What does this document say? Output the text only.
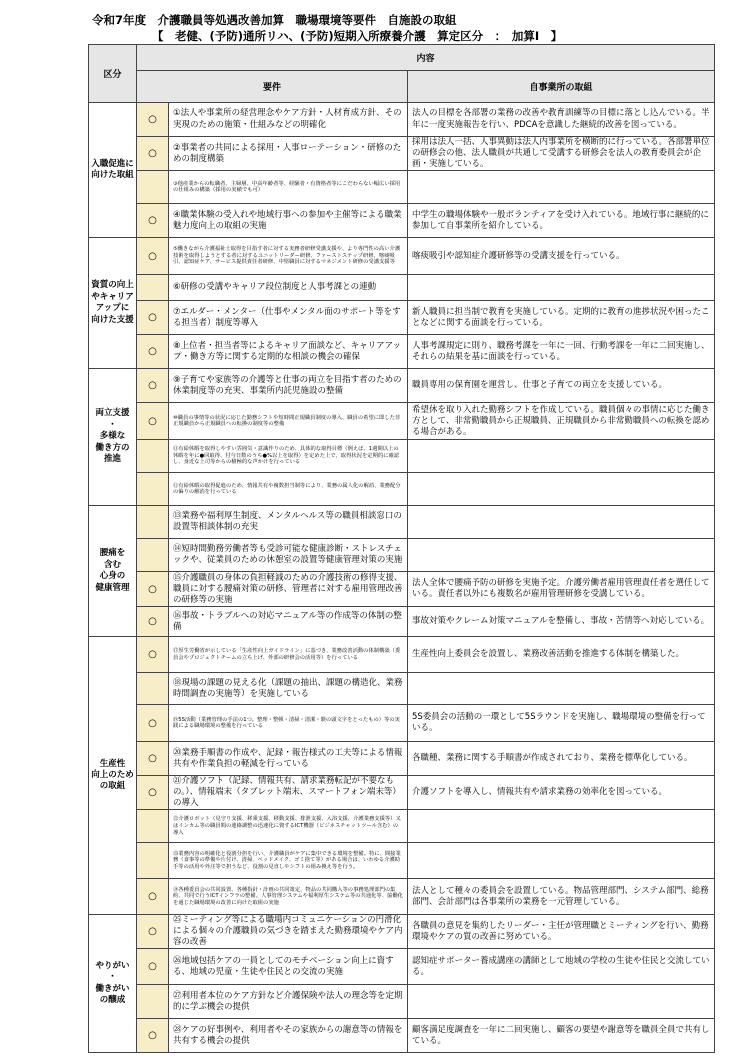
令和7年度　介護職員等処遇改善加算　職場環境等要件　自施設の取組
【　老健、(予防)通所リハ、(予防)短期入所療養介護　算定区分　：　加算Ⅰ　】
区分	内容		
	要件		自事業所の取組

入職促進に
向けた取組	○	①法人や事業所の経営理念やケア方針・人材育成方針、その実現のための施策・仕組みなどの明確化	法人の目標を各部署の業務の改善や教育訓練等の目標に落とし込んでいる。半年に一度実施報告を行い、PDCAを意識した継続的改善を図っている。
	○	②事業者の共同による採用・人事ローテーション・研修のための制度構築	採用は法人一括、人事異動は法人内事業所を横断的に行っている。各部署単位の研修会の他、法人職員が共通して受講する研修会を法人の教育委員会が企画・実施している。
		③他産業からの転職者、主婦層、中高年齢者等、経験者・有資格者等にこだわらない幅広い採用の仕組みの構築（採用の実績でも可）	
	○	④職業体験の受入れや地域行事への参加や主催等による職業魅力度向上の取組の実施	中学生の職場体験や一般ボランティアを受け入れている。地域行事に継続的に参加して自事業所を紹介している。

資質の向上
やキャリア
アップに
向けた支援	○	⑤働きながら介護福祉士取得を目指す者に対する実務者研修受講支援や、より専門性の高い介護技術を取得しようとする者に対するユニットリーダー研修、ファーストステップ研修、喀痰吸引、認知症ケア、サービス提供責任者研修、中堅職員に対するマネジメント研修の受講支援等	喀痰吸引や認知症介護研修等の受講支援を行っている。
		⑥研修の受講やキャリア段位制度と人事考課との連動	
	○	⑦エルダー・メンター（仕事やメンタル面のサポート等をする担当者）制度等導入	新人職員に担当制で教育を実施している。定期的に教育の進捗状況や困ったことなどに関する面談を行っている。
	○	⑧上位者・担当者等によるキャリア面談など、キャリアアップ・働き方等に関する定期的な相談の機会の確保	人事考課規定に則り、職務考課を一年に一回、行動考課を一年に二回実施し、それらの結果を基に面談を行っている。

両立支援
・
多様な
働き方の
推進	○	⑨子育てや家族等の介護等と仕事の両立を目指す者のための休業制度等の充実、事業所内託児施設の整備	職員専用の保育園を運営し、仕事と子育ての両立を支援している。
	○	⑩職員の事情等の状況に応じた勤務シフトや短時間正規職員制度の導入、職員の希望に即した非正規職員から正規職員への転換の制度等の整備	希望休を取り入れた勤務シフトを作成している。職員個々の事情に応じた働き方として、非常勤職員から正規職員、正規職員から非常勤職員への転換を認める場合がある。
		⑪有給休暇を取得しやすい雰囲気・意識作りのため、具体的な取得目標（例えば、1週間以上の休暇を年に●回取得、付与日数のうち●%以上を取得）を定めた上で、取得状況を定期的に確認し、身近な上司等からの積極的な声かけを行っている	
		⑫有給休暇の取得促進のため、情報共有や複数担当制等により、業務の属人化の解消、業務配分の偏りの解消を行っている	

腰痛を
含む
心身の
健康管理		⑬業務や福利厚生制度、メンタルヘルス等の職員相談窓口の設置等相談体制の充実	
		⑭短時間勤務労働者等も受診可能な健康診断・ストレスチェックや、従業員のための休憩室の設置等健康管理対策の実施	
	○	⑮介護職員の身体の負担軽減のための介護技術の修得支援、職員に対する腰痛対策の研修、管理者に対する雇用管理改善の研修等の実施	法人全体で腰痛予防の研修を実施予定。介護労働者雇用管理責任者を選任している。責任者以外にも複数名が雇用管理研修を受講している。
	○	⑯事故・トラブルへの対応マニュアル等の作成等の体制の整備	事故対策やクレーム対策マニュアルを整備し、事故・苦情等へ対応している。

生産性
向上のため
の取組	○	⑰厚生労働省が示している「生産性向上ガイドライン」に基づき、業務改善活動の体制構築（委員会やプロジェクトチームの立ち上げ、外部の研修会の活用等）を行っている	生産性向上委員会を設置し、業務改善活動を推進する体制を構築した。
		⑱現場の課題の見える化（課題の抽出、課題の構造化、業務時間調査の実施等）を実施している	
	○	⑲5S活動（業務管理の手法の1つ。整理・整頓・清掃・清潔・躾の頭文字をとったもの）等の実践による職場環境の整備を行っている	5S委員会の活動の一環として5Sラウンドを実施し、職場環境の整備を行っている。
	○	⑳業務手順書の作成や、記録・報告様式の工夫等による情報共有や作業負担の軽減を行っている	各職種、業務に関する手順書が作成されており、業務を標準化している。
	○	㉑介護ソフト（記録、情報共有、請求業務転記が不要なもの。）、情報端末（タブレット端末、スマートフォン端末等）の導入	介護ソフトを導入し、情報共有や請求業務の効率化を図っている。
		㉒介護ロボット（見守り支援、移乗支援、移動支援、排泄支援、入浴支援、介護業務支援等）又はインカム等の職員間の連絡調整の迅速化に資するICT機器（ビジネスチャットツール含む）の導入	
		㉓業務内容の明確化と役割分担を行い、介護職員がケアに集中できる環境を整備。特に、間接業務（食事等の準備や片付け、清掃、ベッドメイク、ゴミ捨て等）がある場合は、いわゆる介護助手等の活用や外注等で担うなど、役割の見直しやシフトの組み換え等を行う。	
	○	㉔各種委員会の共同設置、各種指針・計画の共同策定、物品の共同購入等の事務処理部門の集約、共同で行うICTインフラの整備、人事管理システムや福利厚生システム等の共通化等、協働化を通じた職場環境の改善に向けた取組の実施	法人として種々の委員会を設置している。物品管理部門、システム部門、総務部門、会計部門は各事業所の業務を一元管理している。

やりがい
・
働きがい
の醸成	○	㉕ミーティング等による職場内コミュニケーションの円滑化による個々の介護職員の気づきを踏まえた勤務環境やケア内容の改善	各職員の意見を集約したリーダー・主任が管理職とミーティングを行い、勤務環境やケアの質の改善に努めている。
	○	㉖地域包括ケアの一員としてのモチベーション向上に資する、地域の児童・生徒や住民との交流の実施	認知症サポーター養成講座の講師として地域の学校の生徒や住民と交流している。
		㉗利用者本位のケア方針など介護保険や法人の理念等を定期的に学ぶ機会の提供	
	○	㉘ケアの好事例や、利用者やその家族からの謝意等の情報を共有する機会の提供	顧客満足度調査を一年に二回実施し、顧客の要望や謝意等を職員全員で共有している。
